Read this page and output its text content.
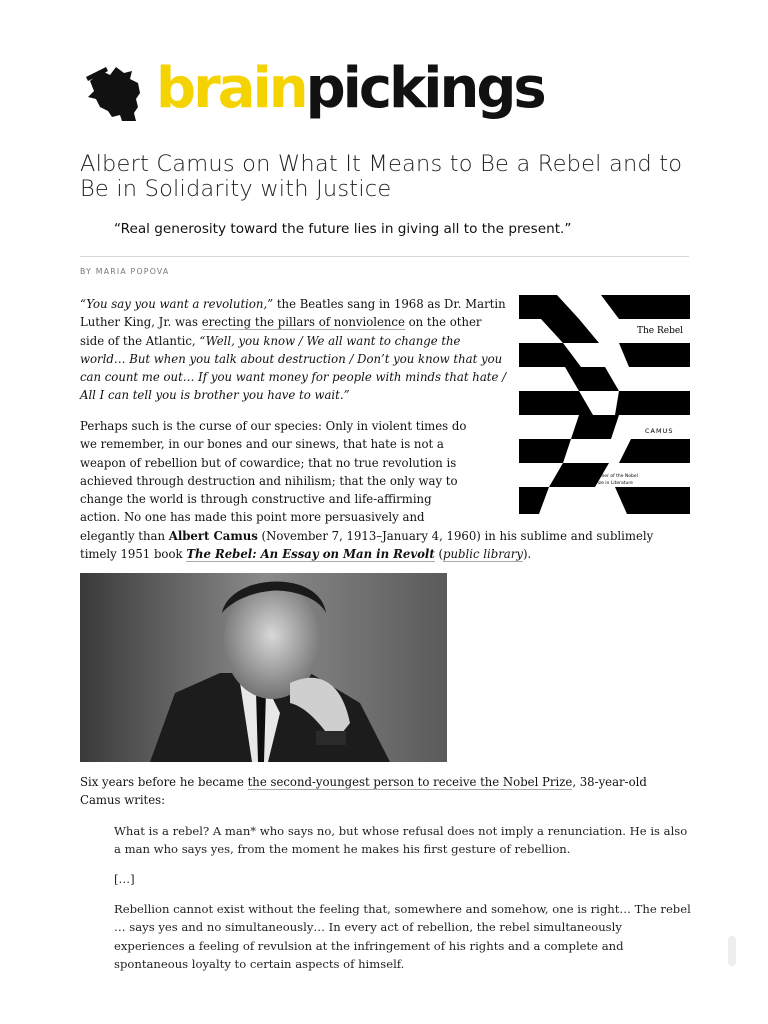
brainpickings
Albert Camus on What It Means to Be a Rebel and to Be in Solidarity with Justice
“Real generosity toward the future lies in giving all to the present.”
BY MARIA POPOVA
The Rebel
ALBERT
CAMUS
Winner of the Nobel
Prize in Literature
“You say you want a revolution,” the Beatles sang in 1968 as Dr. Martin Luther King, Jr. was erecting the pillars of nonviolence on the other side of the Atlantic, “Well, you know / We all want to change the world… But when you talk about destruction / Don’t you know that you can count me out… If you want money for people with minds that hate / All I can tell you is brother you have to wait.”
Perhaps such is the curse of our species: Only in violent times do
we remember, in our bones and our sinews, that hate is not a
weapon of rebellion but of cowardice; that no true revolution is
achieved through destruction and nihilism; that the only way to
change the world is through constructive and life-affirming
action. No one has made this point more persuasively and
elegantly than Albert Camus (November 7, 1913–January 4, 1960) in his sublime and sublimely
timely 1951 book The Rebel: An Essay on Man in Revolt (public library).
Six years before he became the second-youngest person to receive the Nobel Prize, 38-year-old Camus writes:
What is a rebel? A man* who says no, but whose refusal does not imply a renunciation. He is also a man who says yes, from the moment he makes his first gesture of rebellion.
[…]
Rebellion cannot exist without the feeling that, somewhere and somehow, one is right… The rebel … says yes and no simultaneously… In every act of rebellion, the rebel simultaneously experiences a feeling of revulsion at the infringement of his rights and a complete and spontaneous loyalty to certain aspects of himself.
